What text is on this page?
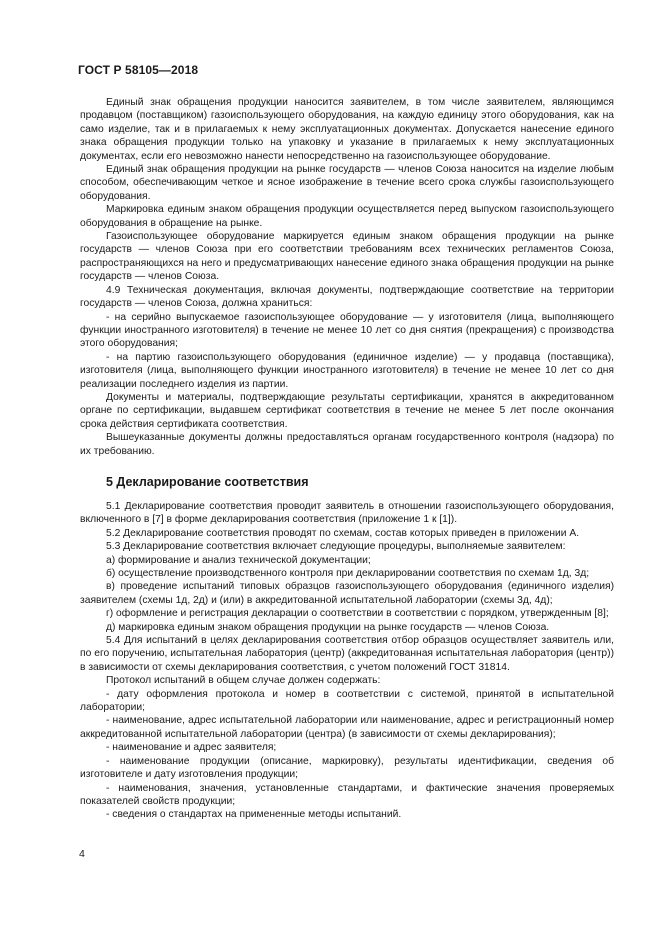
ГОСТ Р 58105—2018

Единый знак обращения продукции наносится заявителем, в том числе заявителем, являющимся продавцом (поставщиком) газоиспользующего оборудования, на каждую единицу этого оборудования, как на само изделие, так и в прилагаемых к нему эксплуатационных документах. Допускается нанесение единого знака обращения продукции только на упаковку и указание в прилагаемых к нему эксплуатационных документах, если его невозможно нанести непосредственно на газоиспользующее оборудование.

Единый знак обращения продукции на рынке государств — членов Союза наносится на изделие любым способом, обеспечивающим четкое и ясное изображение в течение всего срока службы газоиспользующего оборудования.

Маркировка единым знаком обращения продукции осуществляется перед выпуском газоиспользующего оборудования в обращение на рынке.

Газоиспользующее оборудование маркируется единым знаком обращения продукции на рынке государств — членов Союза при его соответствии требованиям всех технических регламентов Союза, распространяющихся на него и предусматривающих нанесение единого знака обращения продукции на рынке государств — членов Союза.

4.9 Техническая документация, включая документы, подтверждающие соответствие на территории государств — членов Союза, должна храниться:

- на серийно выпускаемое газоиспользующее оборудование — у изготовителя (лица, выполняющего функции иностранного изготовителя) в течение не менее 10 лет со дня снятия (прекращения) с производства этого оборудования;

- на партию газоиспользующего оборудования (единичное изделие) — у продавца (поставщика), изготовителя (лица, выполняющего функции иностранного изготовителя) в течение не менее 10 лет со дня реализации последнего изделия из партии.

Документы и материалы, подтверждающие результаты сертификации, хранятся в аккредитованном органе по сертификации, выдавшем сертификат соответствия в течение не менее 5 лет после окончания срока действия сертификата соответствия.

Вышеуказанные документы должны предоставляться органам государственного контроля (надзора) по их требованию.

5 Декларирование соответствия

5.1 Декларирование соответствия проводит заявитель в отношении газоиспользующего оборудования, включенного в [7] в форме декларирования соответствия (приложение 1 к [1]).

5.2 Декларирование соответствия проводят по схемам, состав которых приведен в приложении А.

5.3 Декларирование соответствия включает следующие процедуры, выполняемые заявителем:

а) формирование и анализ технической документации;

б) осуществление производственного контроля при декларировании соответствия по схемам 1д, 3д;

в) проведение испытаний типовых образцов газоиспользующего оборудования (единичного изделия) заявителем (схемы 1д, 2д) и (или) в аккредитованной испытательной лаборатории (схемы 3д, 4д);

г) оформление и регистрация декларации о соответствии в соответствии с порядком, утвержденным [8];

д) маркировка единым знаком обращения продукции на рынке государств — членов Союза.

5.4 Для испытаний в целях декларирования соответствия отбор образцов осуществляет заявитель или, по его поручению, испытательная лаборатория (центр) (аккредитованная испытательная лаборатория (центр)) в зависимости от схемы декларирования соответствия, с учетом положений ГОСТ 31814.

Протокол испытаний в общем случае должен содержать:

- дату оформления протокола и номер в соответствии с системой, принятой в испытательной лаборатории;

- наименование, адрес испытательной лаборатории или наименование, адрес и регистрационный номер аккредитованной испытательной лаборатории (центра) (в зависимости от схемы декларирования);

- наименование и адрес заявителя;

- наименование продукции (описание, маркировку), результаты идентификации, сведения об изготовителе и дату изготовления продукции;

- наименования, значения, установленные стандартами, и фактические значения проверяемых показателей свойств продукции;

- сведения о стандартах на примененные методы испытаний.

4
